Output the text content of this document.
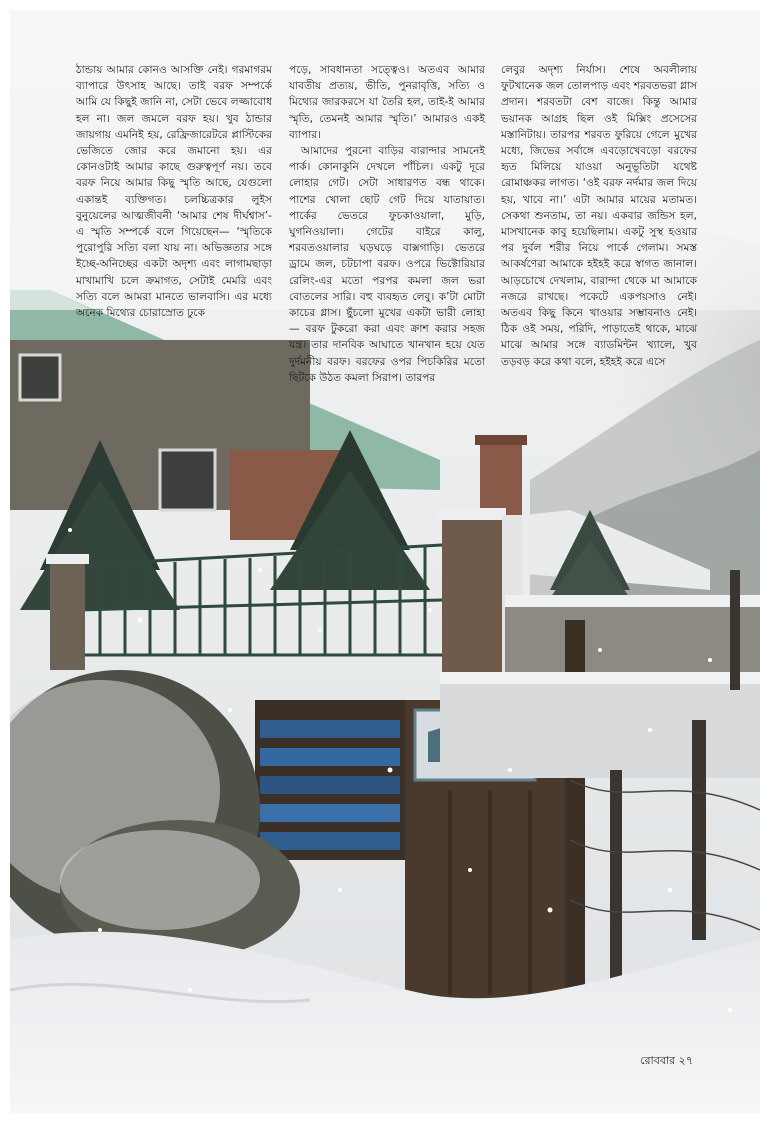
ঠান্ডায় আমার কোনও আসক্তি নেই। গরমাগরম ব্যাপারে উৎসাহ আছে। তাই বরফ সম্পর্কে আমি যে কিছুই জানি না, সেটা ভেবে লজ্জাবোধ হল না। জল জমলে বরফ হয়। খুব ঠান্ডার জায়গায় এমনিই হয়, রেফ্রিজারেটরে প্লাস্টিকের ভেজিতে জোর করে জমানো হয়। এর কোনওটাই আমার কাছে গুরুত্বপূর্ণ নয়। তবে বরফ নিয়ে আমার কিছু স্মৃতি আছে, যেগুলো একান্তই ব্যক্তিগত। চলচ্চিত্রকার লুইস বুনুয়েলের আত্মজীবনী ‘আমার শেষ দীর্ঘশ্বাস’-এ স্মৃতি সম্পর্কে বলে গিয়েছেন— ‘স্মৃতিকে পুরোপুরি সত্যি বলা যায় না। অভিজ্ঞতার সঙ্গে ইচ্ছে-অনিচ্ছের একটা অদৃশ্য এবং লাগামছাড়া মাখামাখি চলে ক্রমাগত, সেটাই মেমরি এবং সত্যি বলে আমরা মানতে ভালবাসি। এর মধ্যে অনেক মিথ্যের চোরাস্রোত ঢুকে

পড়ে, সাবধানতা সত্ত্বেও। অতএব আমার যাবতীয় প্রত্যয়, ভীতি, পুনরাবৃত্তি, সত্যি ও মিথ্যের জারকরসে যা তৈরি হল, তাই-ই আমার স্মৃতি, তেমনই আমার স্মৃতি।’ আমারও একই ব্যাপার।

আমাদের পুরনো বাড়ির বারান্দার সামনেই পার্ক। কোনাকুনি দেখলে পাঁচিল। একটু দূরে লোহার গেট। সেটা সাধারণত বন্ধ থাকে। পাশের খোলা ছোট গেট দিয়ে যাতায়াত। পার্কের ভেতরে ফুচকাওয়ালা, মুড়ি, ঘুগনিওয়ালা। গেটের বাইরে কালু, শরবতওয়ালার ঘড়ঘড়ে বাক্সগাড়ি। ভেতরে ড্রামে জল, চটচাপা বরফ। ওপরে ভিক্টোরিয়ার রেলিং-এর মতো পরপর কমলা জল ভরা বোতলের সারি। বহু ব্যবহৃত লেবু। ক’টা মোটা কাচের গ্লাস। ছুঁচলো মুখের একটা ভারী লোহা— বরফ টুকরো করা এবং ক্রাশ করার সহজ যন্ত্র। তার দানবিক আঘাতে খানখান হয়ে যেত দুর্দমনীয় বরফ। বরফের ওপর পিচকিরির মতো ছিটকে উঠত কমলা সিরাপ। তারপর

লেবুর অদৃশ্য নির্যাস। শেষে অবলীলায় ফুটখানেক জল তোলপাড় এবং শরবতভরা গ্লাস প্রদান। শরবতটা বেশ বাজে। কিন্তু আমার ভয়ানক আগ্রহ ছিল ওই মিক্সিং প্রসেসের মস্তানিটায়। তারপর শরবত ফুরিয়ে গেলে মুখের মধ্যে, জিভের সর্বাঙ্গে এবড়োখেবড়ো বরফের হৃত মিলিয়ে যাওয়া অনুভূতিটা যথেষ্ট রোমাঞ্চকর লাগত। ‘ওই বরফ নর্দমার জল দিয়ে হয়, খাবে না।’ এটা আমার মায়ের মতামত। সেকথা শুনতাম, তা নয়। একবার জন্ডিস হল, মাসখানেক কাবু হয়েছিলাম। একটু সুস্থ হওয়ার পর দুর্বল শরীর নিয়ে পার্কে গেলাম। সমস্ত আকর্ষণেরা আমাকে হইহই করে স্বাগত জানাল। আড়চোখে দেখলাম, বারান্দা থেকে মা আমাকে নজরে রাখছে। পকেটে একপয়সাও নেই। অতএব কিছু কিনে খাওয়ার সম্ভাবনাও নেই। ঠিক ওই সময়, পরিদি, পাড়াতেই থাকে, মাঝে মাঝে আমার সঙ্গে ব্যাডমিন্টন খ্যালে, খুব তড়বড় করে কথা বলে, হইহই করে এসে

রোববার ২৭
